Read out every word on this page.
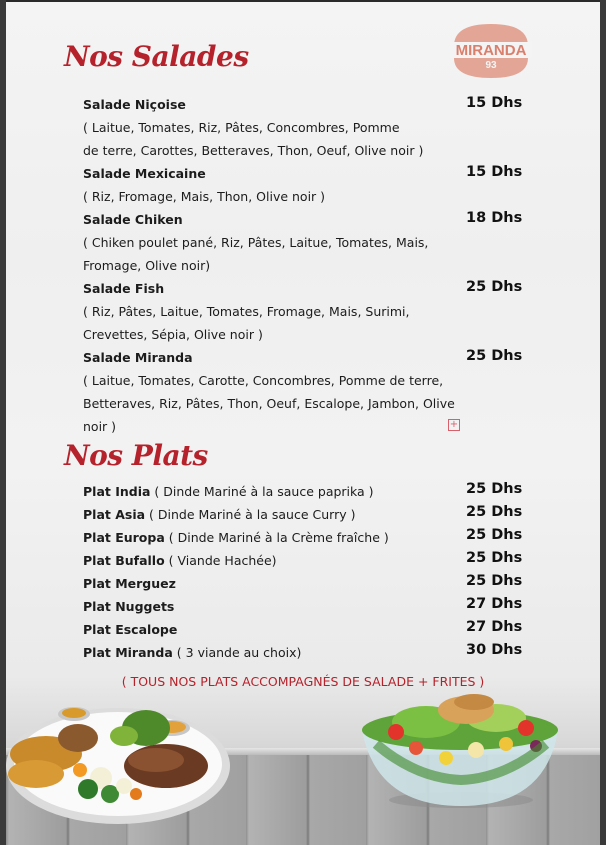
MIRANDA
93
Nos Salades
Salade Niçoise	15 Dhs
( Laitue, Tomates, Riz, Pâtes, Concombres, Pomme
de terre, Carottes, Betteraves, Thon, Oeuf, Olive noir )
Salade Mexicaine	15 Dhs
( Riz, Fromage, Mais, Thon, Olive noir )
Salade Chiken	18 Dhs
( Chiken poulet pané, Riz, Pâtes, Laitue, Tomates, Mais,
Fromage, Olive noir)
Salade Fish	25 Dhs
( Riz, Pâtes, Laitue, Tomates, Fromage, Mais, Surimi,
Crevettes, Sépia, Olive noir )
Salade Miranda	25 Dhs
( Laitue, Tomates, Carotte, Concombres, Pomme de terre,
Betteraves, Riz, Pâtes, Thon, Oeuf, Escalope, Jambon, Olive
noir )	+
Nos Plats
Plat India ( Dinde Mariné à la sauce paprika )	25 Dhs
Plat Asia ( Dinde Mariné à la sauce Curry )	25 Dhs
Plat Europa ( Dinde Mariné à la Crème fraîche )	25 Dhs
Plat Bufallo ( Viande Hachée)	25 Dhs
Plat Merguez	25 Dhs
Plat Nuggets	27 Dhs
Plat Escalope	27 Dhs
Plat Miranda ( 3 viande au choix)	30 Dhs
( TOUS NOS PLATS ACCOMPAGNÉS DE SALADE + FRITES )
